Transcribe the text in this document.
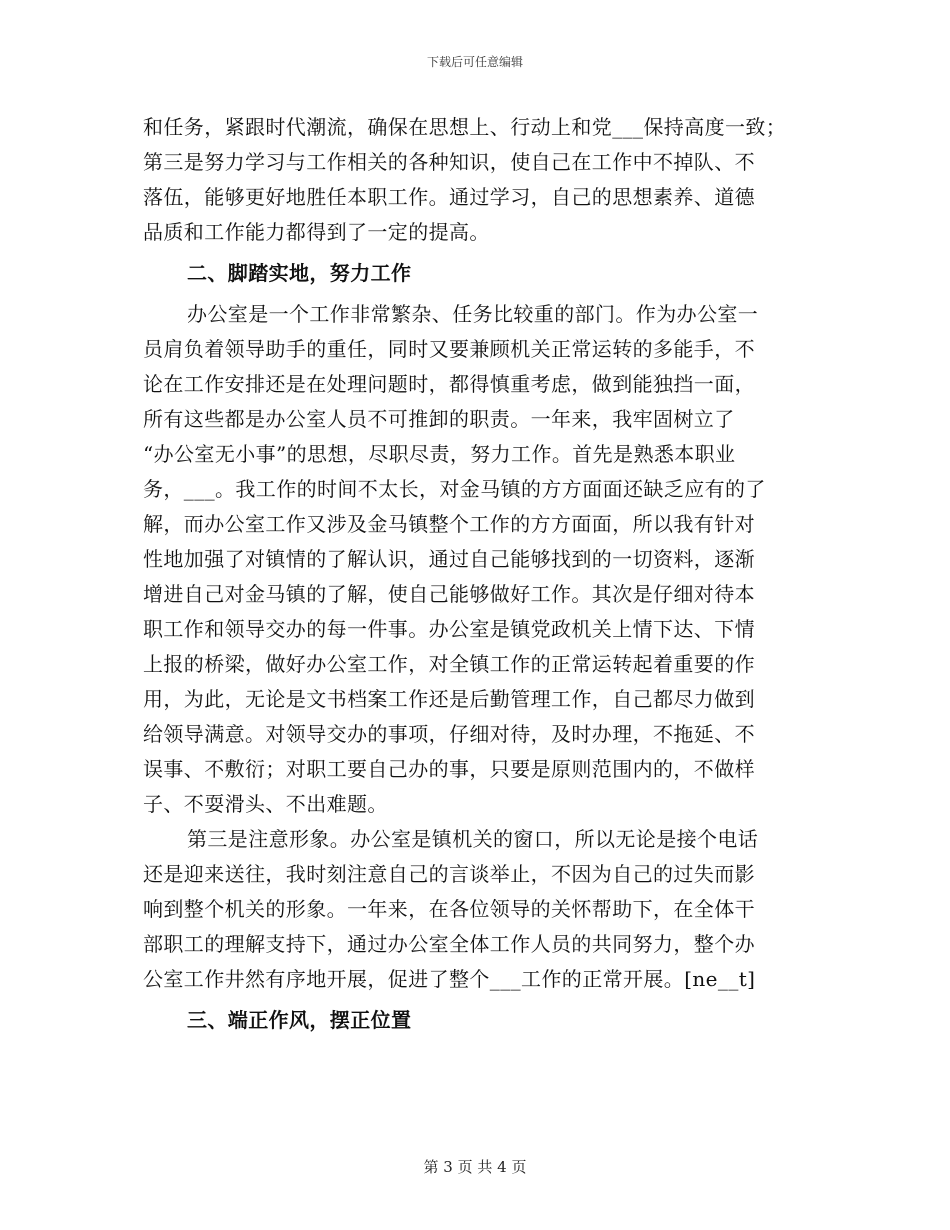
下载后可任意编辑
和任务，紧跟时代潮流，确保在思想上、行动上和党___保持高度一致；
第三是努力学习与工作相关的各种知识，使自己在工作中不掉队、不
落伍，能够更好地胜任本职工作。通过学习，自己的思想素养、道德
品质和工作能力都得到了一定的提高。
二、脚踏实地，努力工作
办公室是一个工作非常繁杂、任务比较重的部门。作为办公室一
员肩负着领导助手的重任，同时又要兼顾机关正常运转的多能手，不
论在工作安排还是在处理问题时，都得慎重考虑，做到能独挡一面，
所有这些都是办公室人员不可推卸的职责。一年来，我牢固树立了
“办公室无小事”的思想，尽职尽责，努力工作。首先是熟悉本职业
务，___。我工作的时间不太长，对金马镇的方方面面还缺乏应有的了
解，而办公室工作又涉及金马镇整个工作的方方面面，所以我有针对
性地加强了对镇情的了解认识，通过自己能够找到的一切资料，逐渐
增进自己对金马镇的了解，使自己能够做好工作。其次是仔细对待本
职工作和领导交办的每一件事。办公室是镇党政机关上情下达、下情
上报的桥梁，做好办公室工作，对全镇工作的正常运转起着重要的作
用，为此，无论是文书档案工作还是后勤管理工作，自己都尽力做到
给领导满意。对领导交办的事项，仔细对待，及时办理，不拖延、不
误事、不敷衍；对职工要自己办的事，只要是原则范围内的，不做样
子、不耍滑头、不出难题。
第三是注意形象。办公室是镇机关的窗口，所以无论是接个电话
还是迎来送往，我时刻注意自己的言谈举止，不因为自己的过失而影
响到整个机关的形象。一年来，在各位领导的关怀帮助下，在全体干
部职工的理解支持下，通过办公室全体工作人员的共同努力，整个办
公室工作井然有序地开展，促进了整个___工作的正常开展。[ne__t]
三、端正作风，摆正位置
第 3 页 共 4 页
